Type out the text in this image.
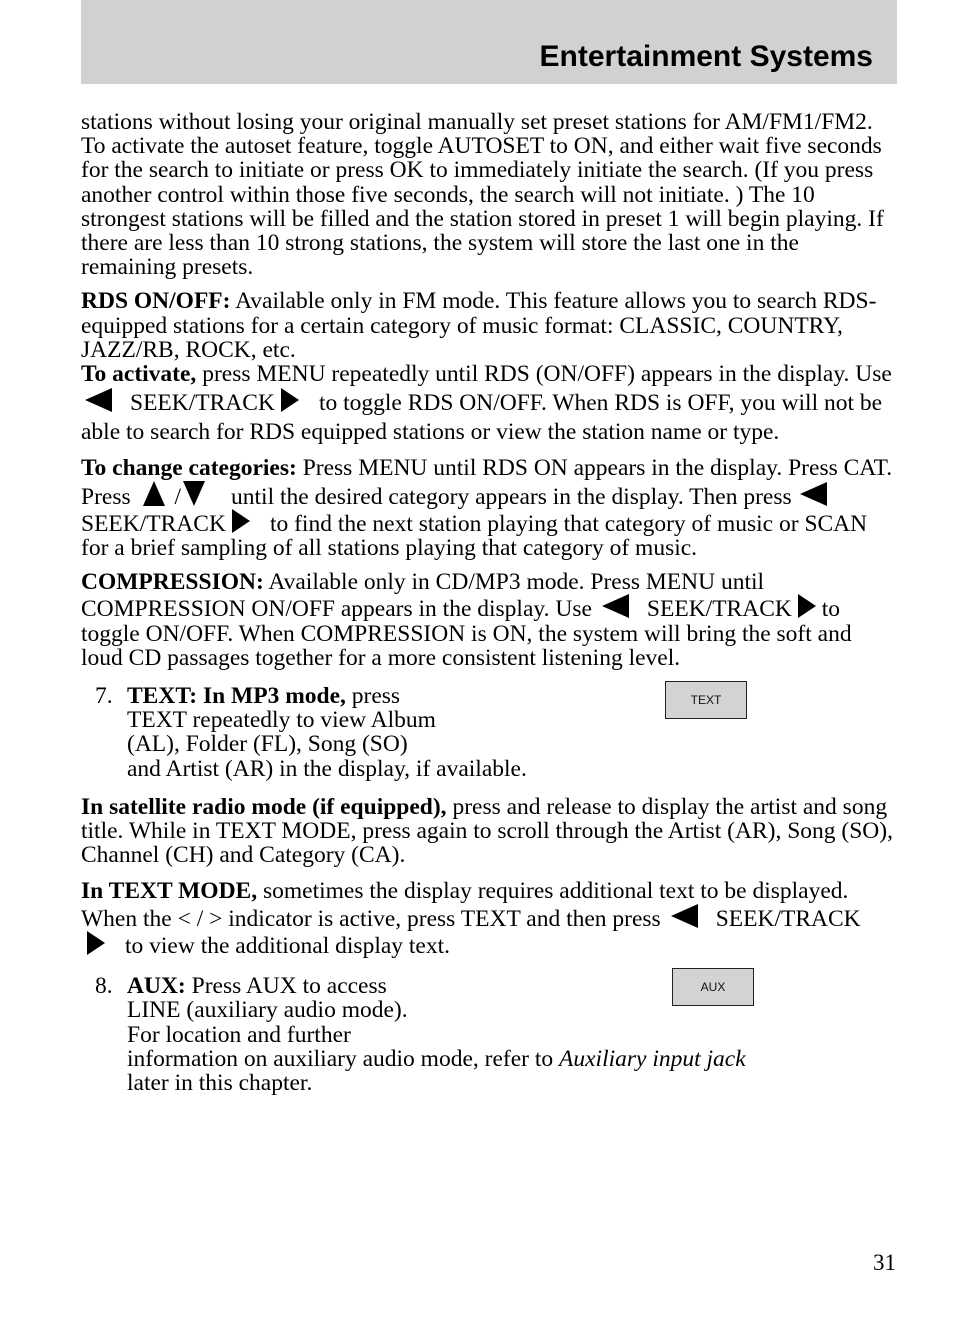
Entertainment Systems

stations without losing your original manually set preset stations for AM/FM1/FM2. To activate the autoset feature, toggle AUTOSET to ON, and either wait five seconds for the search to initiate or press OK to immediately initiate the search. (If you press another control within those five seconds, the search will not initiate. ) The 10 strongest stations will be filled and the station stored in preset 1 will begin playing. If there are less than 10 strong stations, the system will store the last one in the remaining presets.

RDS ON/OFF: Available only in FM mode. This feature allows you to search RDS-equipped stations for a certain category of music format: CLASSIC, COUNTRY, JAZZ/RB, ROCK, etc.

To activate, press MENU repeatedly until RDS (ON/OFF) appears in the display. Use SEEK/TRACK to toggle RDS ON/OFF. When RDS is OFF, you will not be able to search for RDS equipped stations or view the station name or type.

To change categories: Press MENU until RDS ON appears in the display. Press CAT. Press / until the desired category appears in the display. Then pressSEEK/TRACK to find the next station playing that category of music or SCAN for a brief sampling of all stations playing that category of music.

COMPRESSION: Available only in CD/MP3 mode. Press MENU until COMPRESSION ON/OFF appears in the display. Use SEEK/TRACK to toggle ON/OFF. When COMPRESSION is ON, the system will bring the soft and loud CD passages together for a more consistent listening level.

7. TEXT: In MP3 mode, press
TEXT repeatedly to view Album
(AL), Folder (FL), Song (SO)
and Artist (AR) in the display, if available.
TEXT

In satellite radio mode (if equipped), press and release to display the artist and song title. While in TEXT MODE, press again to scroll through the Artist (AR), Song (SO), Channel (CH) and Category (CA).

In TEXT MODE, sometimes the display requires additional text to be displayed. When the < / > indicator is active, press TEXT and then press SEEK/TRACKto view the additional display text.

8. AUX: Press AUX to access
LINE (auxiliary audio mode).
For location and further
information on auxiliary audio mode, refer to Auxiliary input jack
later in this chapter.
AUX
31
